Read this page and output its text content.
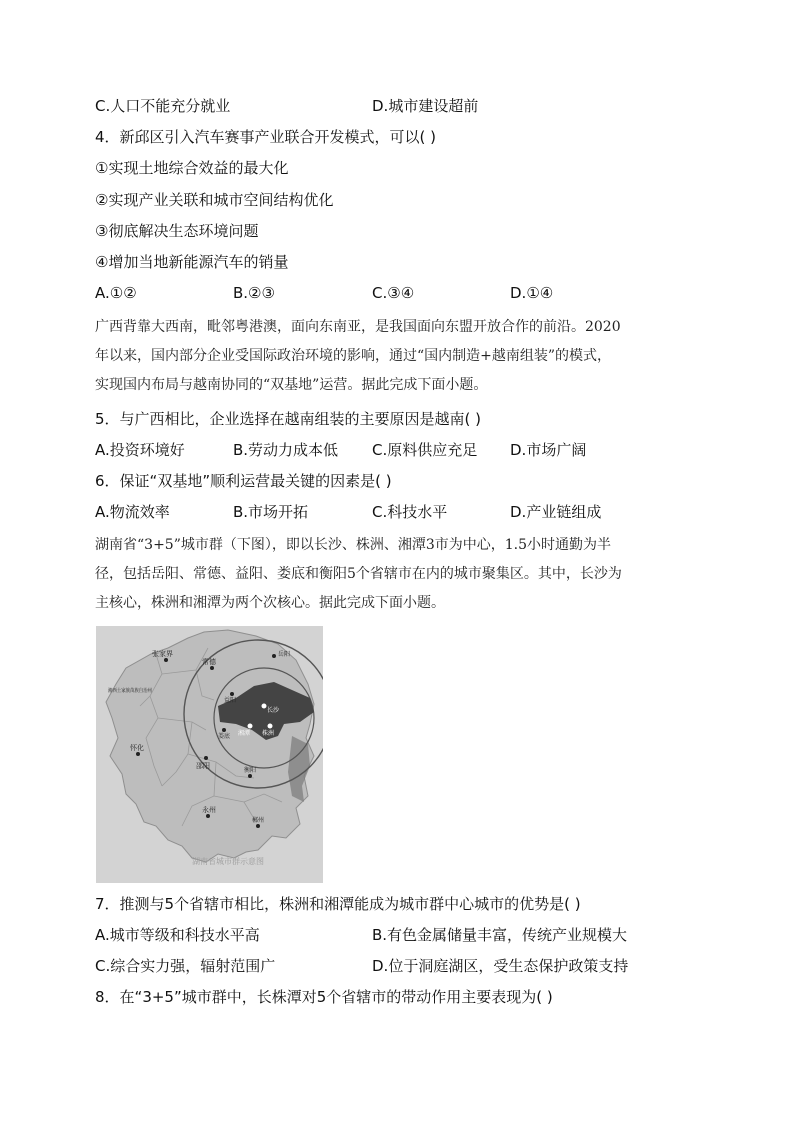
C.人口不能充分就业	D.城市建设超前
4．新邱区引入汽车赛事产业联合开发模式，可以( )
①实现土地综合效益的最大化
②实现产业关联和城市空间结构优化
③彻底解决生态环境问题
④增加当地新能源汽车的销量
A.①②	B.②③	C.③④	D.①④
广西背靠大西南，毗邻粤港澳，面向东南亚，是我国面向东盟开放合作的前沿。2020
年以来，国内部分企业受国际政治环境的影响，通过“国内制造+越南组装”的模式，
实现国内布局与越南协同的“双基地”运营。据此完成下面小题。
5．与广西相比，企业选择在越南组装的主要原因是越南( )
A.投资环境好	B.劳动力成本低 C.原料供应充足 D.市场广阔
6．保证“双基地”顺利运营最关键的因素是( )
A.物流效率	B.市场开拓	C.科技水平	D.产业链组成
湖南省“3+5”城市群（下图），即以长沙、株洲、湘潭3市为中心，1.5小时通勤为半
径，包括岳阳、常德、益阳、娄底和衡阳5个省辖市在内的城市聚集区。其中，长沙为
主核心，株洲和湘潭为两个次核心。据此完成下面小题。
张家界
常德
岳阳
湘西土家族苗族自治州
益阳
长沙
怀化
娄底 湘潭 株洲
邵阳
衡阳
永州
郴州
湖南省城市群示意图
7．推测与5个省辖市相比，株洲和湘潭能成为城市群中心城市的优势是( )
A.城市等级和科技水平高	B.有色金属储量丰富，传统产业规模大
C.综合实力强，辐射范围广	D.位于洞庭湖区，受生态保护政策支持
8．在“3+5”城市群中，长株潭对5个省辖市的带动作用主要表现为( )
